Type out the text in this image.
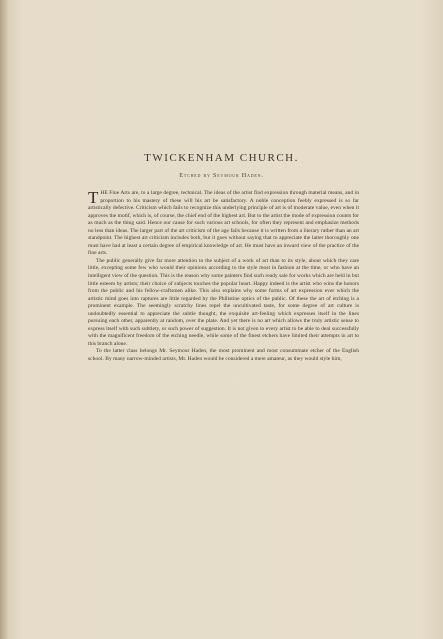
TWICKENHAM CHURCH.
Etched by Seymour Haden.

THE Fine Arts are, to a large degree, technical. The ideas of the artist find expression through material means, and in proportion to his mastery of these will his art be satisfactory. A noble conception feebly expressed is so far artistically defective. Criticism which fails to recognize this underlying principle of art is of moderate value, even when it approves the motif, which is, of course, the chief end of the highest art. But to the artist the mode of expression counts for as much as the thing said. Hence our cause for such various art schools, for often they represent and emphasize methods no less than ideas. The larger part of the art criticism of the age fails because it is written from a literary rather than an art standpoint. The highest art criticism includes both, but it goes without saying that to appreciate the latter thoroughly one must have had at least a certain degree of empirical knowledge of art. He must have an inward view of the practice of the fine arts.

The public generally give far more attention to the subject of a work of art than to its style, about which they care little, excepting some few who would their opinions according to the style most in fashion at the time, or who have an intelligent view of the question. This is the reason why some painters find such ready sale for works which are held in but little esteem by artists; their choice of subjects touches the popular heart. Happy indeed is the artist who wins the honors from the public and his fellow-craftsmen alike. This also explains why some forms of art expression ever which the artistic mind goes into raptures are little regarded by the Philistine optics of the public. Of these the art of etching is a prominent example. The seemingly scratchy lines repel the uncultivated taste, for some degree of art culture is undoubtedly essential to appreciate the subtle thought, the exquisite art-feeling which expresses itself in the lines pursuing each other, apparently at random, over the plate. And yet there is no art which allows the truly artistic sense to express itself with such subtlety, or such power of suggestion. It is not given to every artist to be able to deal successfully with the magnificent freedom of the etching needle, while some of the finest etchers have limited their attempts in art to this branch alone.

To the latter class belongs Mr. Seymour Haden, the most prominent and most consummate etcher of the English school. By many narrow-minded artists, Mr. Haden would be considered a mere amateur, as they would style him,
